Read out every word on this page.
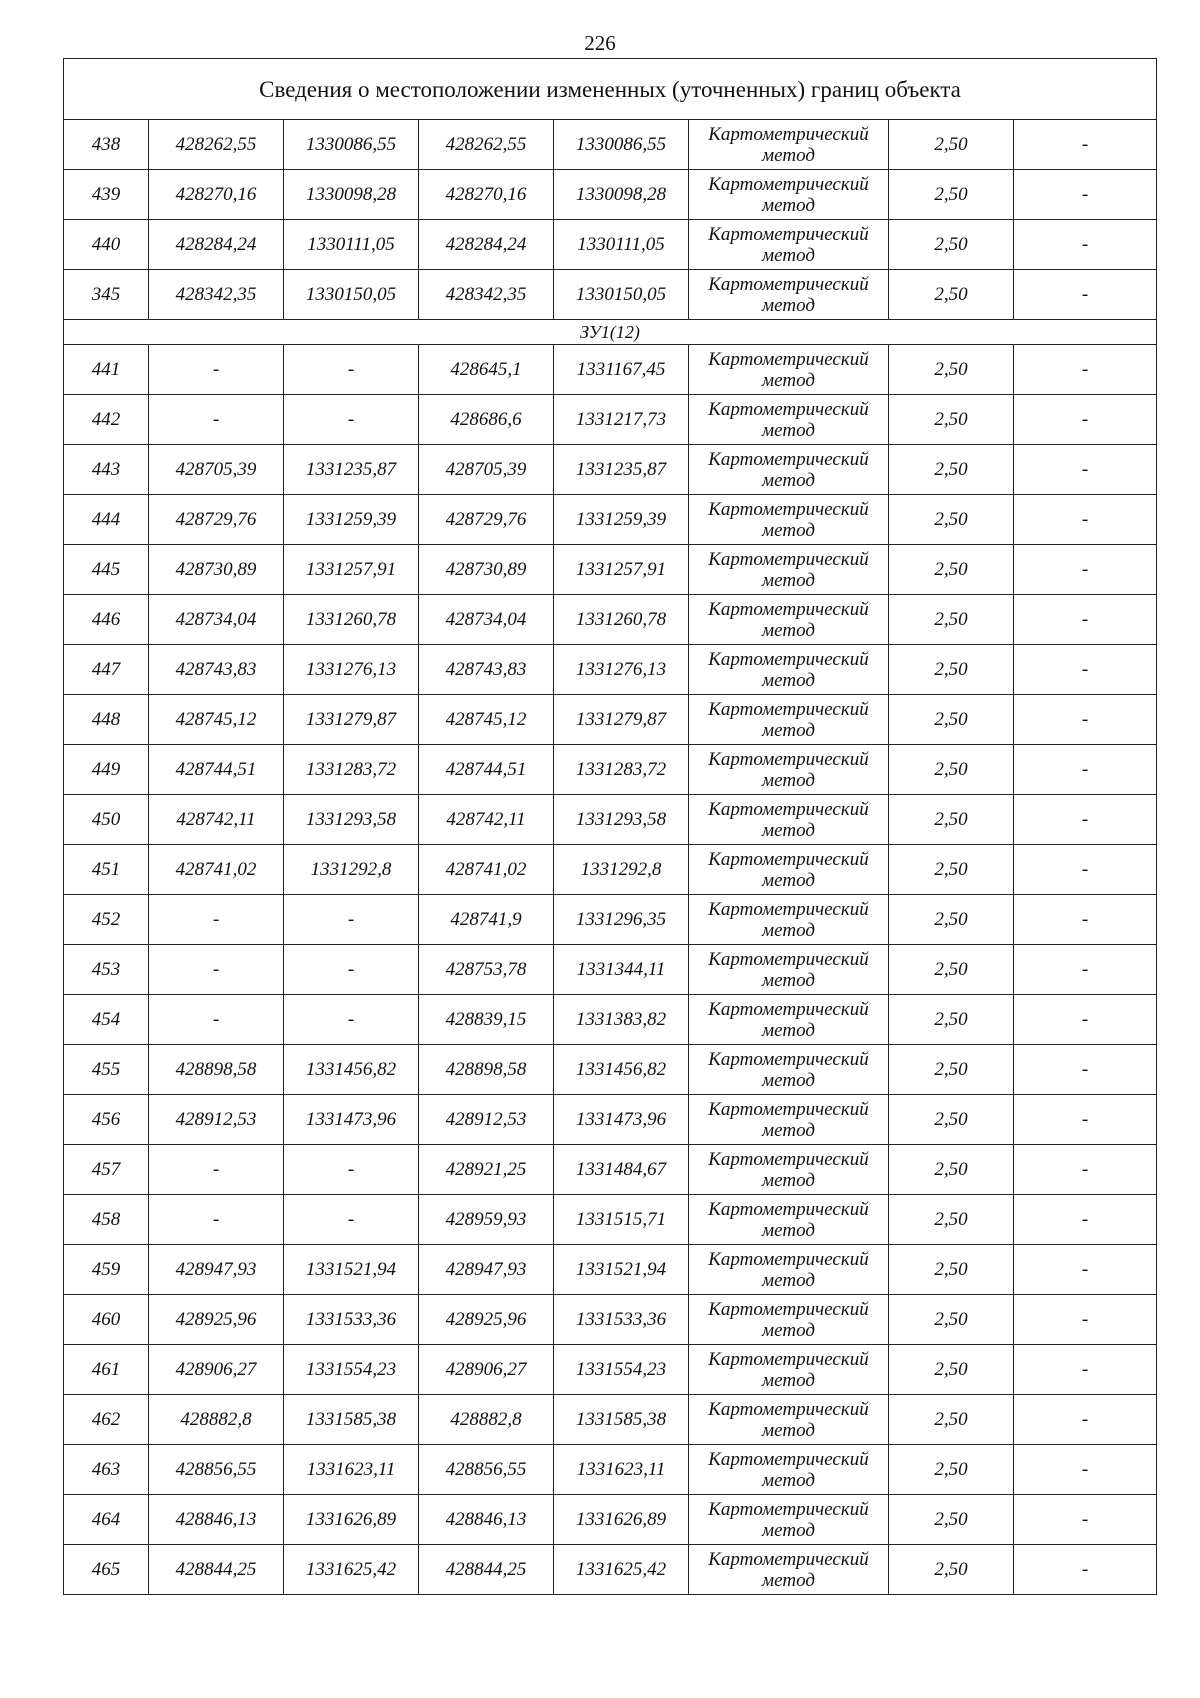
226
Сведения о местоположении измененных (уточненных) границ объекта							
438	428262,55	1330086,55	428262,55	1330086,55	Картометрический
метод	2,50	-
439	428270,16	1330098,28	428270,16	1330098,28	Картометрический
метод	2,50	-
440	428284,24	1330111,05	428284,24	1330111,05	Картометрический
метод	2,50	-
345	428342,35	1330150,05	428342,35	1330150,05	Картометрический
метод	2,50	-
ЗУ1(12)							
441	-	-	428645,1	1331167,45	Картометрический
метод	2,50	-
442	-	-	428686,6	1331217,73	Картометрический
метод	2,50	-
443	428705,39	1331235,87	428705,39	1331235,87	Картометрический
метод	2,50	-
444	428729,76	1331259,39	428729,76	1331259,39	Картометрический
метод	2,50	-
445	428730,89	1331257,91	428730,89	1331257,91	Картометрический
метод	2,50	-
446	428734,04	1331260,78	428734,04	1331260,78	Картометрический
метод	2,50	-
447	428743,83	1331276,13	428743,83	1331276,13	Картометрический
метод	2,50	-
448	428745,12	1331279,87	428745,12	1331279,87	Картометрический
метод	2,50	-
449	428744,51	1331283,72	428744,51	1331283,72	Картометрический
метод	2,50	-
450	428742,11	1331293,58	428742,11	1331293,58	Картометрический
метод	2,50	-
451	428741,02	1331292,8	428741,02	1331292,8	Картометрический
метод	2,50	-
452	-	-	428741,9	1331296,35	Картометрический
метод	2,50	-
453	-	-	428753,78	1331344,11	Картометрический
метод	2,50	-
454	-	-	428839,15	1331383,82	Картометрический
метод	2,50	-
455	428898,58	1331456,82	428898,58	1331456,82	Картометрический
метод	2,50	-
456	428912,53	1331473,96	428912,53	1331473,96	Картометрический
метод	2,50	-
457	-	-	428921,25	1331484,67	Картометрический
метод	2,50	-
458	-	-	428959,93	1331515,71	Картометрический
метод	2,50	-
459	428947,93	1331521,94	428947,93	1331521,94	Картометрический
метод	2,50	-
460	428925,96	1331533,36	428925,96	1331533,36	Картометрический
метод	2,50	-
461	428906,27	1331554,23	428906,27	1331554,23	Картометрический
метод	2,50	-
462	428882,8	1331585,38	428882,8	1331585,38	Картометрический
метод	2,50	-
463	428856,55	1331623,11	428856,55	1331623,11	Картометрический
метод	2,50	-
464	428846,13	1331626,89	428846,13	1331626,89	Картометрический
метод	2,50	-
465	428844,25	1331625,42	428844,25	1331625,42	Картометрический
метод	2,50	-
